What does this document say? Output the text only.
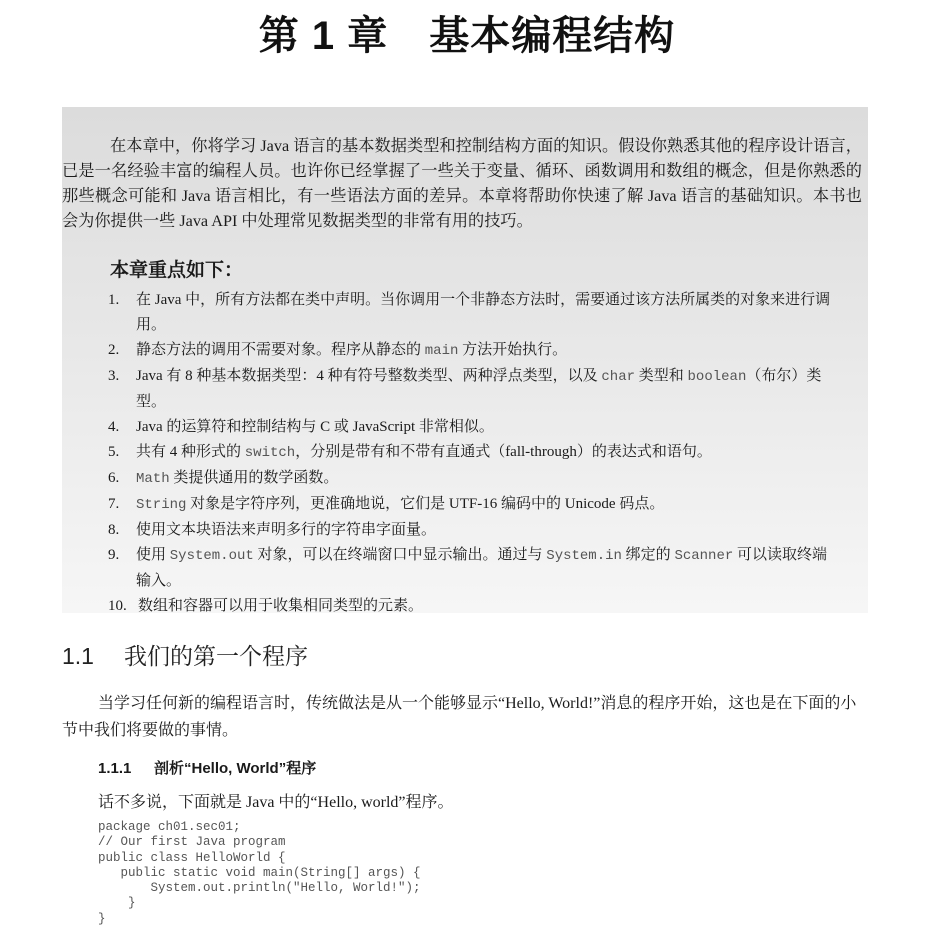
第 1 章　基本编程结构
在本章中，你将学习 Java 语言的基本数据类型和控制结构方面的知识。假设你熟悉其他的程序设计语言，已是一名经验丰富的编程人员。也许你已经掌握了一些关于变量、循环、函数调用和数组的概念，但是你熟悉的那些概念可能和 Java 语言相比，有一些语法方面的差异。本章将帮助你快速了解 Java 语言的基础知识。本书也会为你提供一些 Java API 中处理常见数据类型的非常有用的技巧。
本章重点如下：
1. 在 Java 中，所有方法都在类中声明。当你调用一个非静态方法时，需要通过该方法所属类的对象来进行调用。
2. 静态方法的调用不需要对象。程序从静态的 main 方法开始执行。
3. Java 有 8 种基本数据类型：4 种有符号整数类型、两种浮点类型，以及 char 类型和 boolean（布尔）类型。
4. Java 的运算符和控制结构与 C 或 JavaScript 非常相似。
5. 共有 4 种形式的 switch，分别是带有和不带有直通式（fall-through）的表达式和语句。
6. Math 类提供通用的数学函数。
7. String 对象是字符序列，更准确地说，它们是 UTF-16 编码中的 Unicode 码点。
8. 使用文本块语法来声明多行的字符串字面量。
9. 使用 System.out 对象，可以在终端窗口中显示输出。通过与 System.in 绑定的 Scanner 可以读取终端输入。
10. 数组和容器可以用于收集相同类型的元素。
1.1 我们的第一个程序
当学习任何新的编程语言时，传统做法是从一个能够显示“Hello, World!”消息的程序开始，这也是在下面的小节中我们将要做的事情。
1.1.1 剖析“Hello, World”程序
话不多说，下面就是 Java 中的“Hello, world”程序。
package ch01.sec01;
// Our first Java program
public class HelloWorld {
public static void main(String[] args) {
System.out.println("Hello, World!");
}
}
